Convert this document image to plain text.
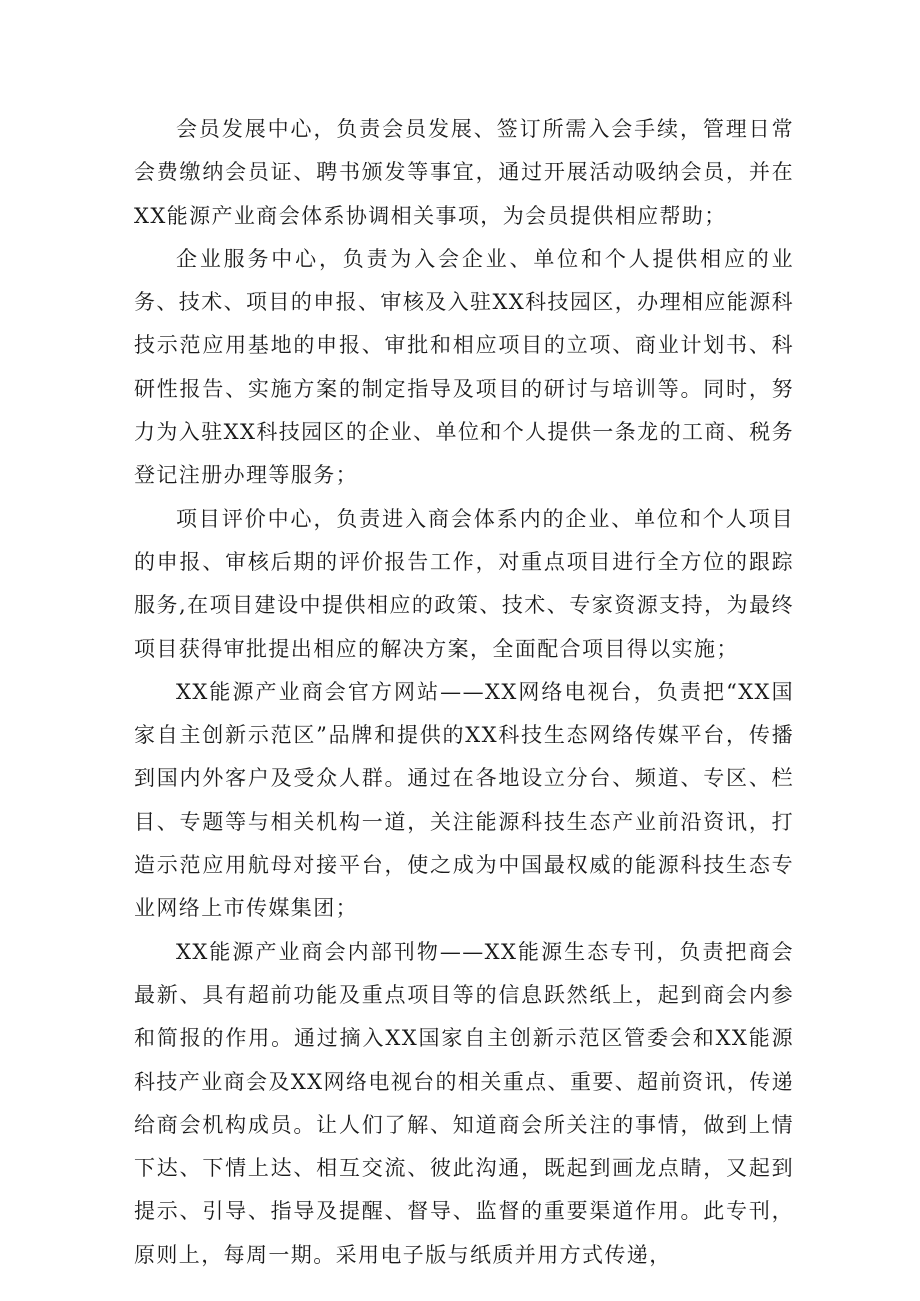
会员发展中心，负责会员发展、签订所需入会手续，管理日常会费缴纳会员证、聘书颁发等事宜，通过开展活动吸纳会员，并在XX能源产业商会体系协调相关事项，为会员提供相应帮助；

企业服务中心，负责为入会企业、单位和个人提供相应的业务、技术、项目的申报、审核及入驻XX科技园区，办理相应能源科技示范应用基地的申报、审批和相应项目的立项、商业计划书、科研性报告、实施方案的制定指导及项目的研讨与培训等。同时，努力为入驻XX科技园区的企业、单位和个人提供一条龙的工商、税务登记注册办理等服务；

项目评价中心，负责进入商会体系内的企业、单位和个人项目的申报、审核后期的评价报告工作，对重点项目进行全方位的跟踪服务,在项目建设中提供相应的政策、技术、专家资源支持，为最终项目获得审批提出相应的解决方案，全面配合项目得以实施；

XX能源产业商会官方网站——XX网络电视台，负责把“XX国家自主创新示范区”品牌和提供的XX科技生态网络传媒平台，传播到国内外客户及受众人群。通过在各地设立分台、频道、专区、栏目、专题等与相关机构一道，关注能源科技生态产业前沿资讯，打造示范应用航母对接平台，使之成为中国最权威的能源科技生态专业网络上市传媒集团；

XX能源产业商会内部刊物——XX能源生态专刊，负责把商会最新、具有超前功能及重点项目等的信息跃然纸上，起到商会内参和简报的作用。通过摘入XX国家自主创新示范区管委会和XX能源科技产业商会及XX网络电视台的相关重点、重要、超前资讯，传递给商会机构成员。让人们了解、知道商会所关注的事情，做到上情下达、下情上达、相互交流、彼此沟通，既起到画龙点睛，又起到提示、引导、指导及提醒、督导、监督的重要渠道作用。此专刊，原则上，每周一期。采用电子版与纸质并用方式传递，
